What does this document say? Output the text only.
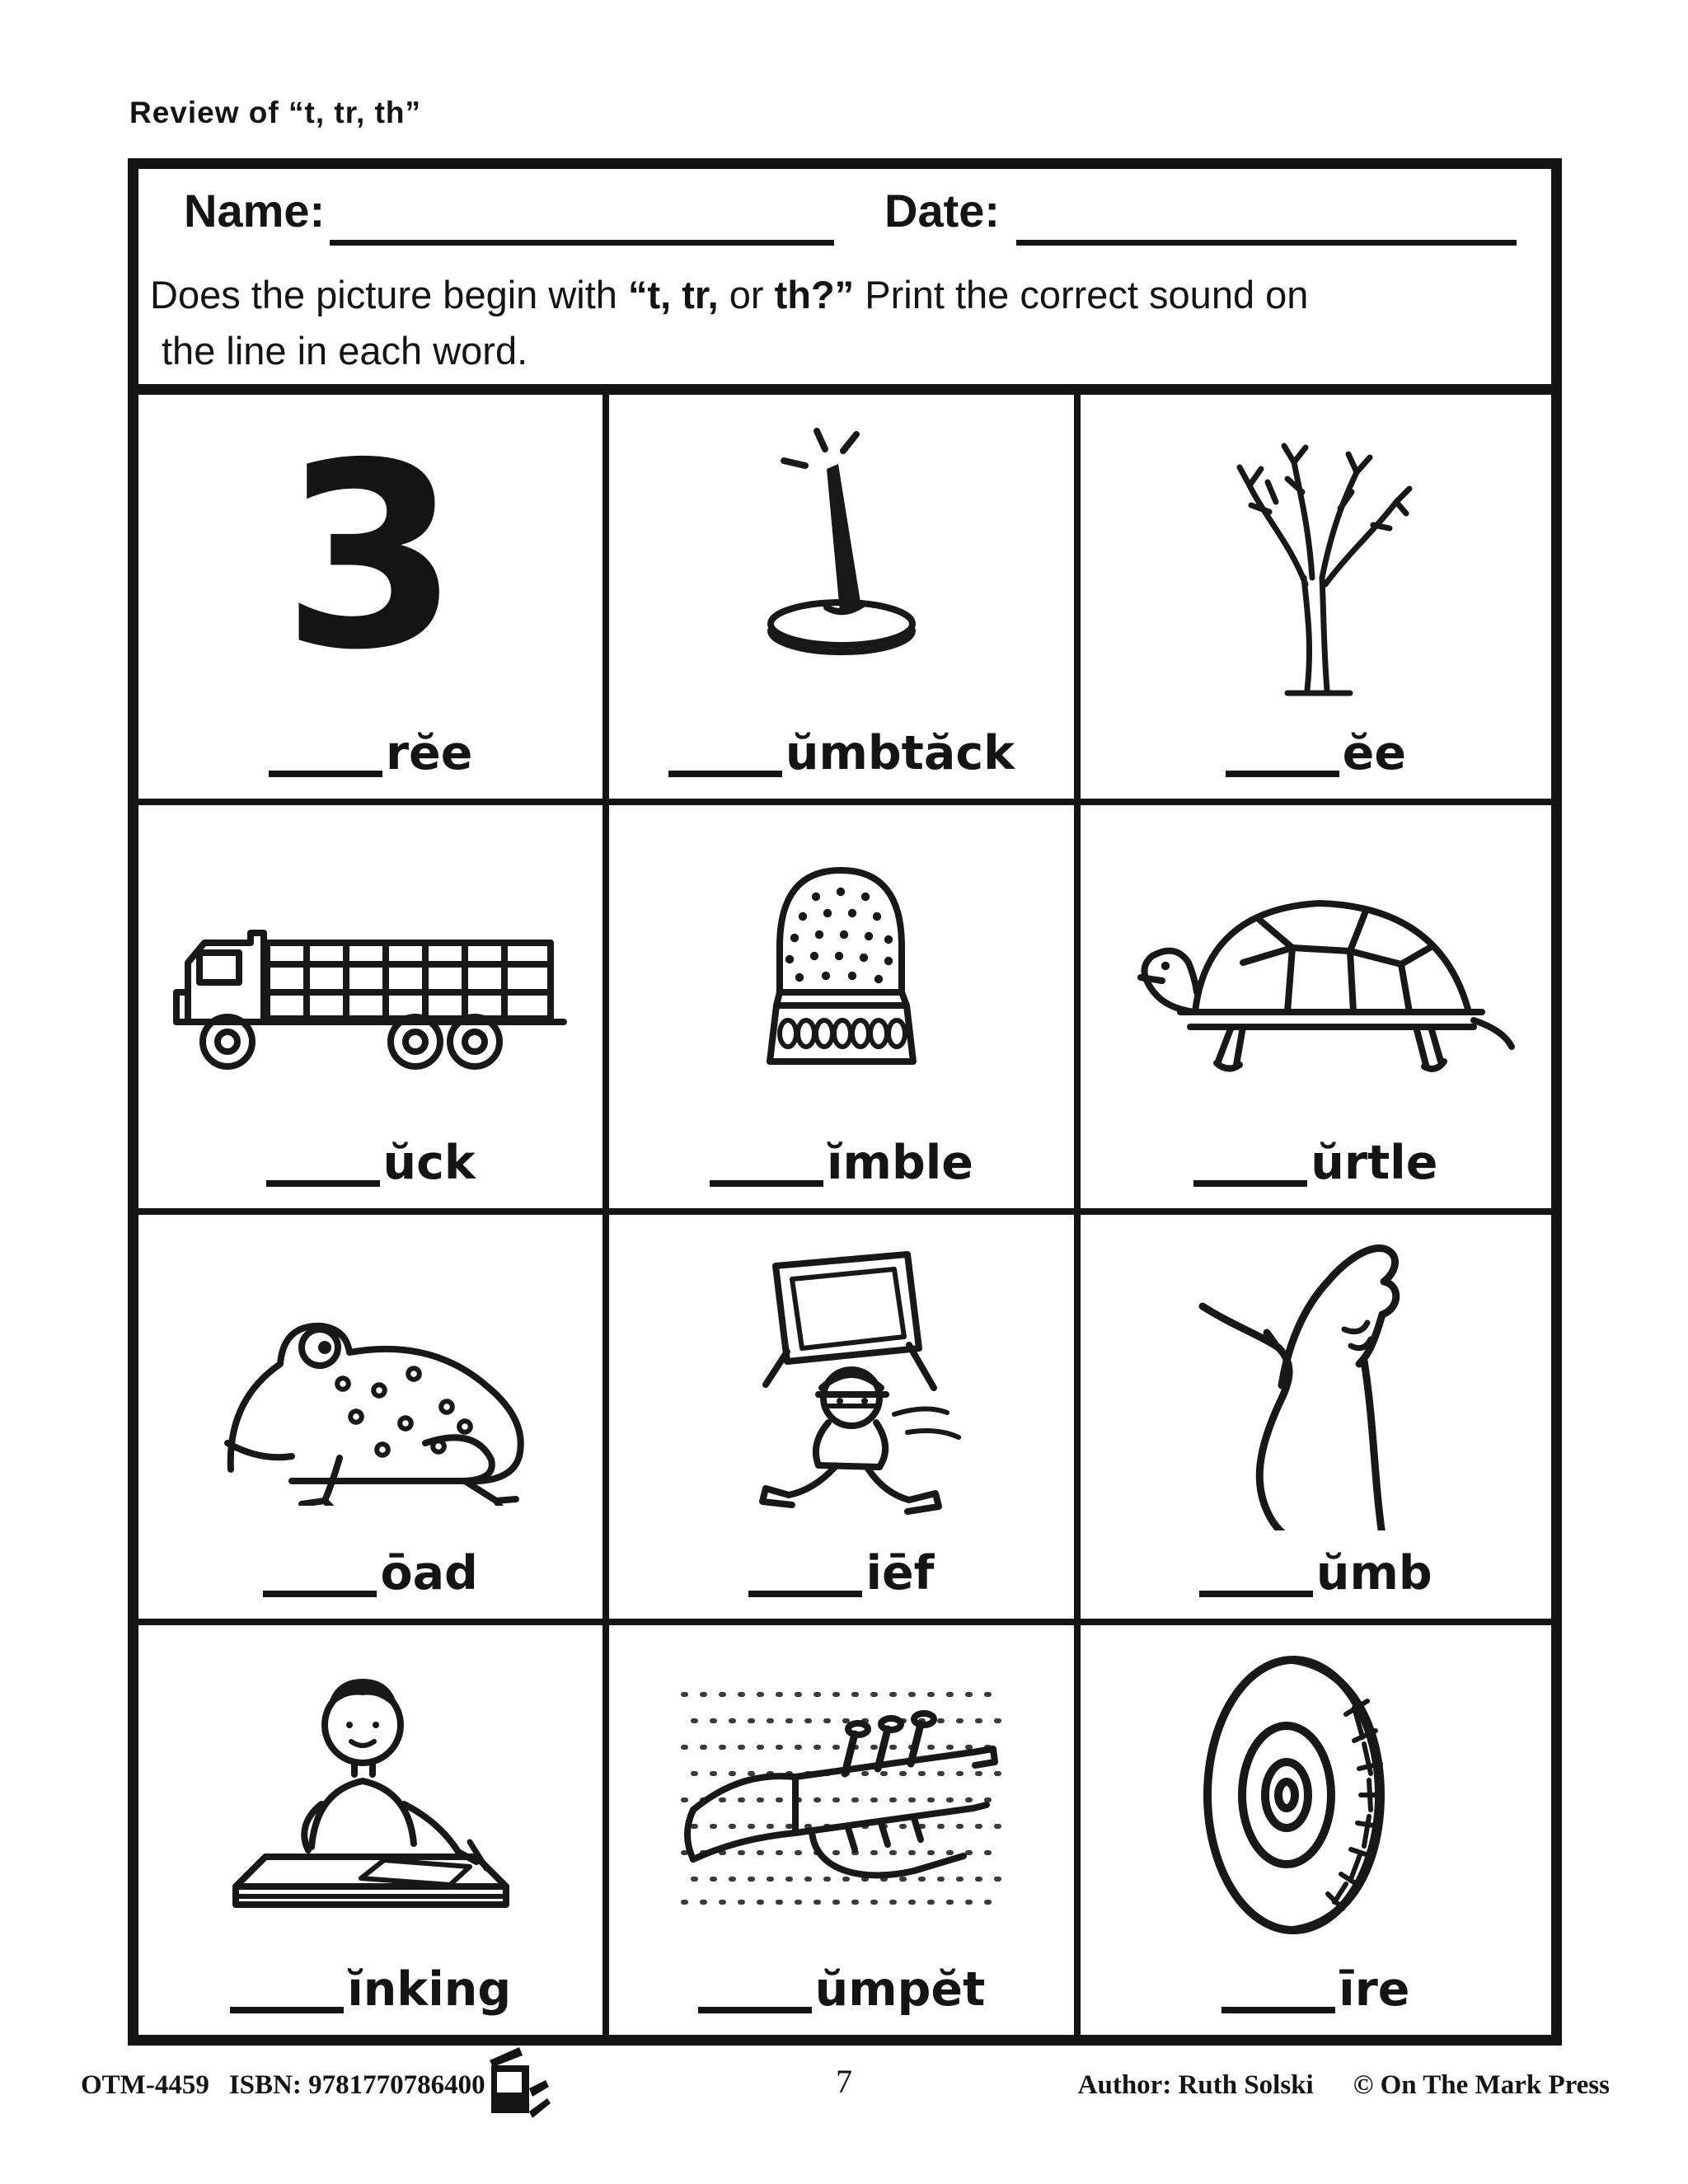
Review of “t, tr, th”
Name:	Date:
Does the picture begin with “t, tr, or th?” Print the correct sound on
the line in each word.
3
rĕe	ŭmbtăck	ĕe
ŭck	ĭmble	ŭrtle
ōad	iēf	ŭmb
ĭnking	ŭmpĕt	īre
OTM-4459 ISBN: 9781770786400	7	Author: Ruth Solski © On The Mark Press
